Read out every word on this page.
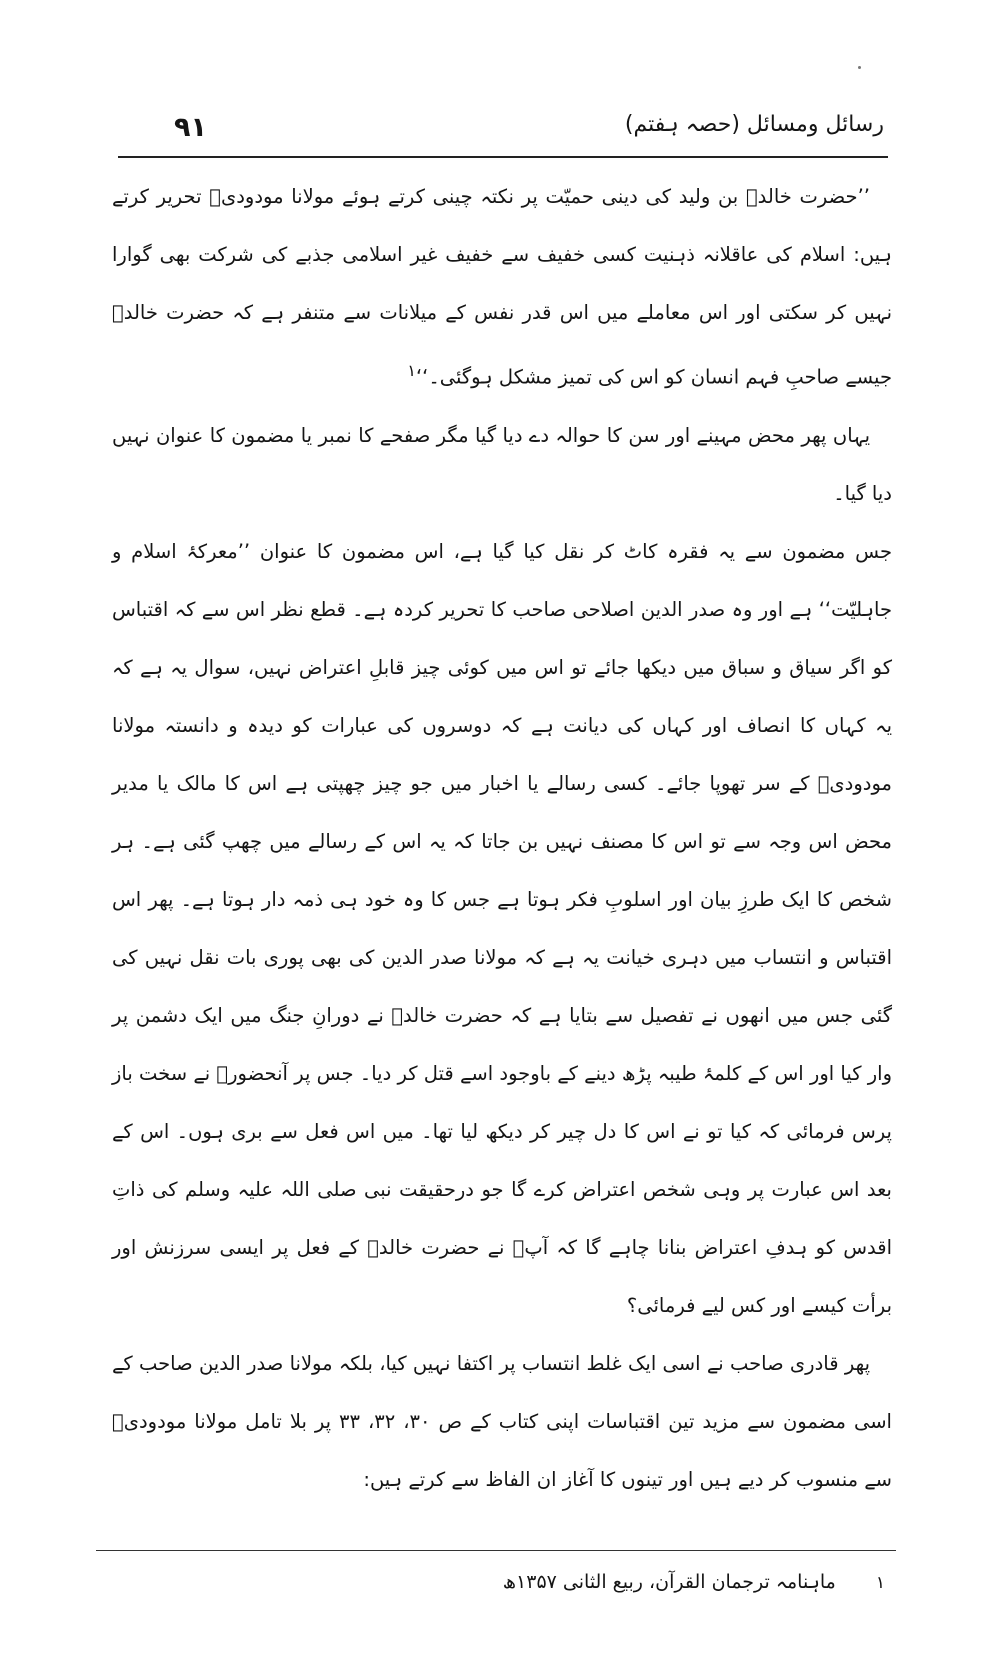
۹۱	رسائل ومسائل (حصہ ہفتم)

’’حضرت خالدؓ بن ولید کی دینی حمیّت پر نکتہ چینی کرتے ہوئے مولانا مودودیؒ تحریر کرتے ہیں: اسلام کی عاقلانہ ذہنیت کسی خفیف سے خفیف غیر اسلامی جذبے کی شرکت بھی گوارا نہیں کر سکتی اور اس معاملے میں اس قدر نفس کے میلانات سے متنفر ہے کہ حضرت خالدؓ جیسے صاحبِ فہم انسان کو اس کی تمیز مشکل ہوگئی۔‘‘$^۱$

یہاں پھر محض مہینے اور سن کا حوالہ دے دیا گیا مگر صفحے کا نمبر یا مضمون کا عنوان نہیں دیا گیا۔

جس مضمون سے یہ فقرہ کاٹ کر نقل کیا گیا ہے، اس مضمون کا عنوان ’’معرکۂ اسلام و جاہلیّت‘‘ ہے اور وہ صدر الدین اصلاحی صاحب کا تحریر کردہ ہے۔ قطع نظر اس سے کہ اقتباس کو اگر سیاق و سباق میں دیکھا جائے تو اس میں کوئی چیز قابلِ اعتراض نہیں، سوال یہ ہے کہ یہ کہاں کا انصاف اور کہاں کی دیانت ہے کہ دوسروں کی عبارات کو دیدہ و دانستہ مولانا مودودیؒ کے سر تھوپا جائے۔ کسی رسالے یا اخبار میں جو چیز چھپتی ہے اس کا مالک یا مدیر محض اس وجہ سے تو اس کا مصنف نہیں بن جاتا کہ یہ اس کے رسالے میں چھپ گئی ہے۔ ہر شخص کا ایک طرزِ بیان اور اسلوبِ فکر ہوتا ہے جس کا وہ خود ہی ذمہ دار ہوتا ہے۔ پھر اس اقتباس و انتساب میں دہری خیانت یہ ہے کہ مولانا صدر الدین کی بھی پوری بات نقل نہیں کی گئی جس میں انھوں نے تفصیل سے بتایا ہے کہ حضرت خالدؓ نے دورانِ جنگ میں ایک دشمن پر وار کیا اور اس کے کلمۂ طیبہ پڑھ دینے کے باوجود اسے قتل کر دیا۔ جس پر آنحضورؐ نے سخت باز پرس فرمائی کہ کیا تو نے اس کا دل چیر کر دیکھ لیا تھا۔ میں اس فعل سے بری ہوں۔ اس کے بعد اس عبارت پر وہی شخص اعتراض کرے گا جو درحقیقت نبی صلی اللہ علیہ وسلم کی ذاتِ اقدس کو ہدفِ اعتراض بنانا چاہے گا کہ آپؐ نے حضرت خالدؓ کے فعل پر ایسی سرزنش اور برأت کیسے اور کس لیے فرمائی؟

پھر قادری صاحب نے اسی ایک غلط انتساب پر اکتفا نہیں کیا، بلکہ مولانا صدر الدین صاحب کے اسی مضمون سے مزید تین اقتباسات اپنی کتاب کے ص ۳۰، ۳۲، ۳۳ پر بلا تامل مولانا مودودیؒ سے منسوب کر دیے ہیں اور تینوں کا آغاز ان الفاظ سے کرتے ہیں:

۱ ماہنامہ ترجمان القرآن، ربیع الثانی ۱۳۵۷ھ
